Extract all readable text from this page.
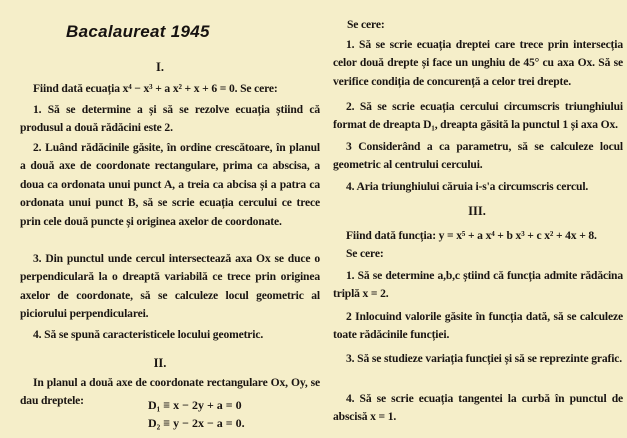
Bacalaureat 1945
I.

Fiind dată ecuația x⁴ − x³ + a x² + x + 6 = 0. Se cere:

1. Să se determine a și să se rezolve ecuația știind că produsul a două rădăcini este 2.

2. Luând rădăcinile găsite, în ordine crescătoare, în planul a două axe de coordonate rectangulare, prima ca abscisa, a doua ca ordonata unui punct A, a treia ca abcisa și a patra ca ordonata unui punct B, să se scrie ecuația cercului ce trece prin cele două puncte și originea axelor de coordonate.

3. Din punctul unde cercul intersectează axa Ox se duce o perpendiculară la o dreaptă variabilă ce trece prin originea axelor de coordonate, să se calculeze locul geometric al piciorului perpendicularei.

4. Să se spună caracteristicele locului geometric.

II.

In planul a două axe de coordonate rectangulare Ox, Oy, se dau dreptele:	D₁ ≡ x − 2y + a = 0
D₂ ≡ y − 2x − a = 0.

Se cere:

1. Să se scrie ecuația dreptei care trece prin intersecția celor două drepte și face un unghiu de 45° cu axa Ox. Să se verifice condiția de concurență a celor trei drepte.

2. Să se scrie ecuația cercului circumscris triunghiului format de dreapta D₁, dreapta găsită la punctul 1 și axa Ox.

3 Considerând a ca parametru, să se calculeze locul geometric al centrului cercului.

4. Aria triunghiului căruia i-s'a circumscris cercul.

III.

Fiind dată funcția: y = x⁵ + a x⁴ + b x³ + c x² + 4x + 8.

Se cere:

1. Să se determine a,b,c știind că funcția admite rădăcina triplă x = 2.

2 Inlocuind valorile găsite în funcția dată, să se calculeze toate rădăcinile funcției.

3. Să se studieze variația funcției și să se reprezinte grafic.

4. Să se scrie ecuația tangentei la curbă în punctul de abscisă x = 1.
